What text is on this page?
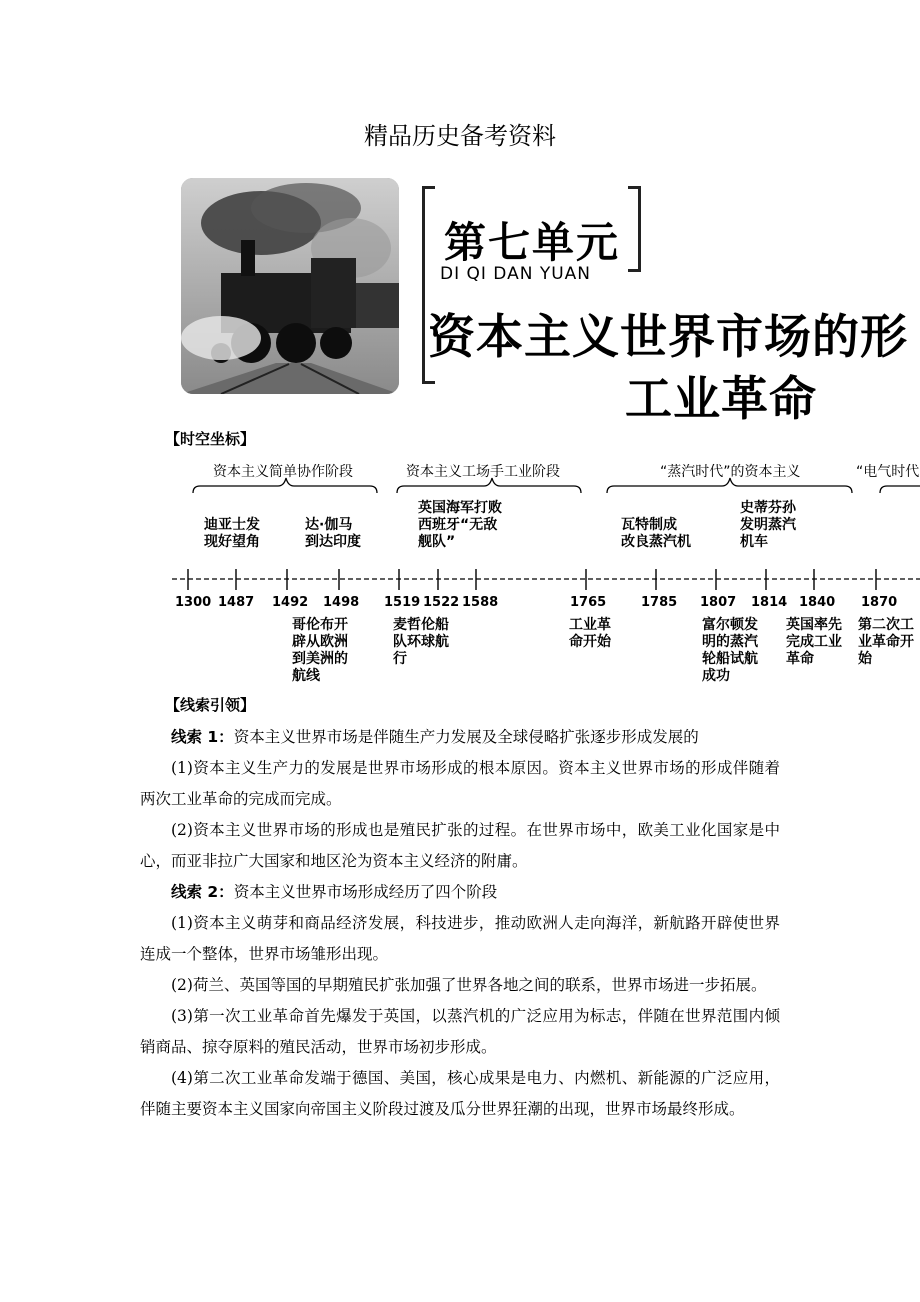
精品历史备考资料
第七单元
DI QI DAN YUAN
资本主义世界市场的形
工业革命
【时空坐标】
资本主义简单协作阶段	资本主义工场手工业阶段	“蒸汽时代”的资本主义	“电气时代
迪亚士发
现好望角
达·伽马
到达印度
英国海军打败
西班牙“无敌
舰队”
瓦特制成
改良蒸汽机
史蒂芬孙
发明蒸汽
机车
1300 1487 1492 1498 1519 1522 1588	1765	1785 1807 1814 1840 1870
哥伦布开
辟从欧洲
到美洲的
航线
麦哲伦船
队环球航
行
工业革
命开始
富尔顿发
明的蒸汽
轮船试航
成功
英国率先
完成工业
革命
第二次工
业革命开
始
【线索引领】

线索 1：资本主义世界市场是伴随生产力发展及全球侵略扩张逐步形成发展的

(1)资本主义生产力的发展是世界市场形成的根本原因。资本主义世界市场的形成伴随着两次工业革命的完成而完成。

(2)资本主义世界市场的形成也是殖民扩张的过程。在世界市场中，欧美工业化国家是中心，而亚非拉广大国家和地区沦为资本主义经济的附庸。

线索 2：资本主义世界市场形成经历了四个阶段

(1)资本主义萌芽和商品经济发展，科技进步，推动欧洲人走向海洋，新航路开辟使世界连成一个整体，世界市场雏形出现。

(2)荷兰、英国等国的早期殖民扩张加强了世界各地之间的联系，世界市场进一步拓展。

(3)第一次工业革命首先爆发于英国，以蒸汽机的广泛应用为标志，伴随在世界范围内倾销商品、掠夺原料的殖民活动，世界市场初步形成。

(4)第二次工业革命发端于德国、美国，核心成果是电力、内燃机、新能源的广泛应用，伴随主要资本主义国家向帝国主义阶段过渡及瓜分世界狂潮的出现，世界市场最终形成。
